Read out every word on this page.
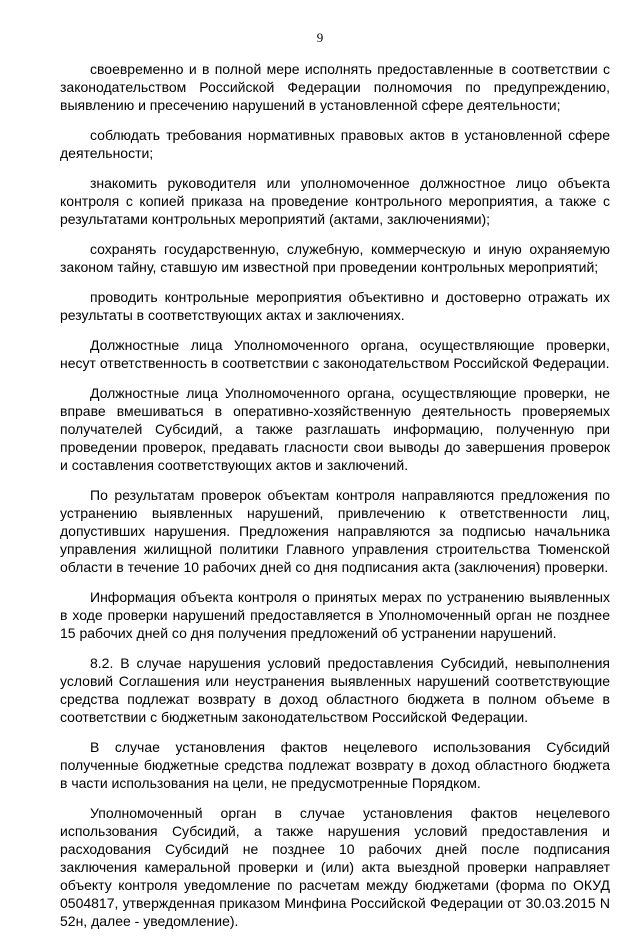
9

своевременно и в полной мере исполнять предоставленные в соответствии с законодательством Российской Федерации полномочия по предупреждению, выявлению и пресечению нарушений в установленной сфере деятельности;

соблюдать требования нормативных правовых актов в установленной сфере деятельности;

знакомить руководителя или уполномоченное должностное лицо объекта контроля с копией приказа на проведение контрольного мероприятия, а также с результатами контрольных мероприятий (актами, заключениями);

сохранять государственную, служебную, коммерческую и иную охраняемую законом тайну, ставшую им известной при проведении контрольных мероприятий;

проводить контрольные мероприятия объективно и достоверно отражать их результаты в соответствующих актах и заключениях.

Должностные лица Уполномоченного органа, осуществляющие проверки, несут ответственность в соответствии с законодательством Российской Федерации.

Должностные лица Уполномоченного органа, осуществляющие проверки, не вправе вмешиваться в оперативно-хозяйственную деятельность проверяемых получателей Субсидий, а также разглашать информацию, полученную при проведении проверок, предавать гласности свои выводы до завершения проверок и составления соответствующих актов и заключений.

По результатам проверок объектам контроля направляются предложения по устранению выявленных нарушений, привлечению к ответственности лиц, допустивших нарушения. Предложения направляются за подписью начальника управления жилищной политики Главного управления строительства Тюменской области в течение 10 рабочих дней со дня подписания акта (заключения) проверки.

Информация объекта контроля о принятых мерах по устранению выявленных в ходе проверки нарушений предоставляется в Уполномоченный орган не позднее 15 рабочих дней со дня получения предложений об устранении нарушений.

8.2. В случае нарушения условий предоставления Субсидий, невыполнения условий Соглашения или неустранения выявленных нарушений соответствующие средства подлежат возврату в доход областного бюджета в полном объеме в соответствии с бюджетным законодательством Российской Федерации.

В случае установления фактов нецелевого использования Субсидий полученные бюджетные средства подлежат возврату в доход областного бюджета в части использования на цели, не предусмотренные Порядком.

Уполномоченный орган в случае установления фактов нецелевого использования Субсидий, а также нарушения условий предоставления и расходования Субсидий не позднее 10 рабочих дней после подписания заключения камеральной проверки и (или) акта выездной проверки направляет объекту контроля уведомление по расчетам между бюджетами (форма по ОКУД 0504817, утвержденная приказом Минфина Российской Федерации от 30.03.2015 N 52н, далее - уведомление).
